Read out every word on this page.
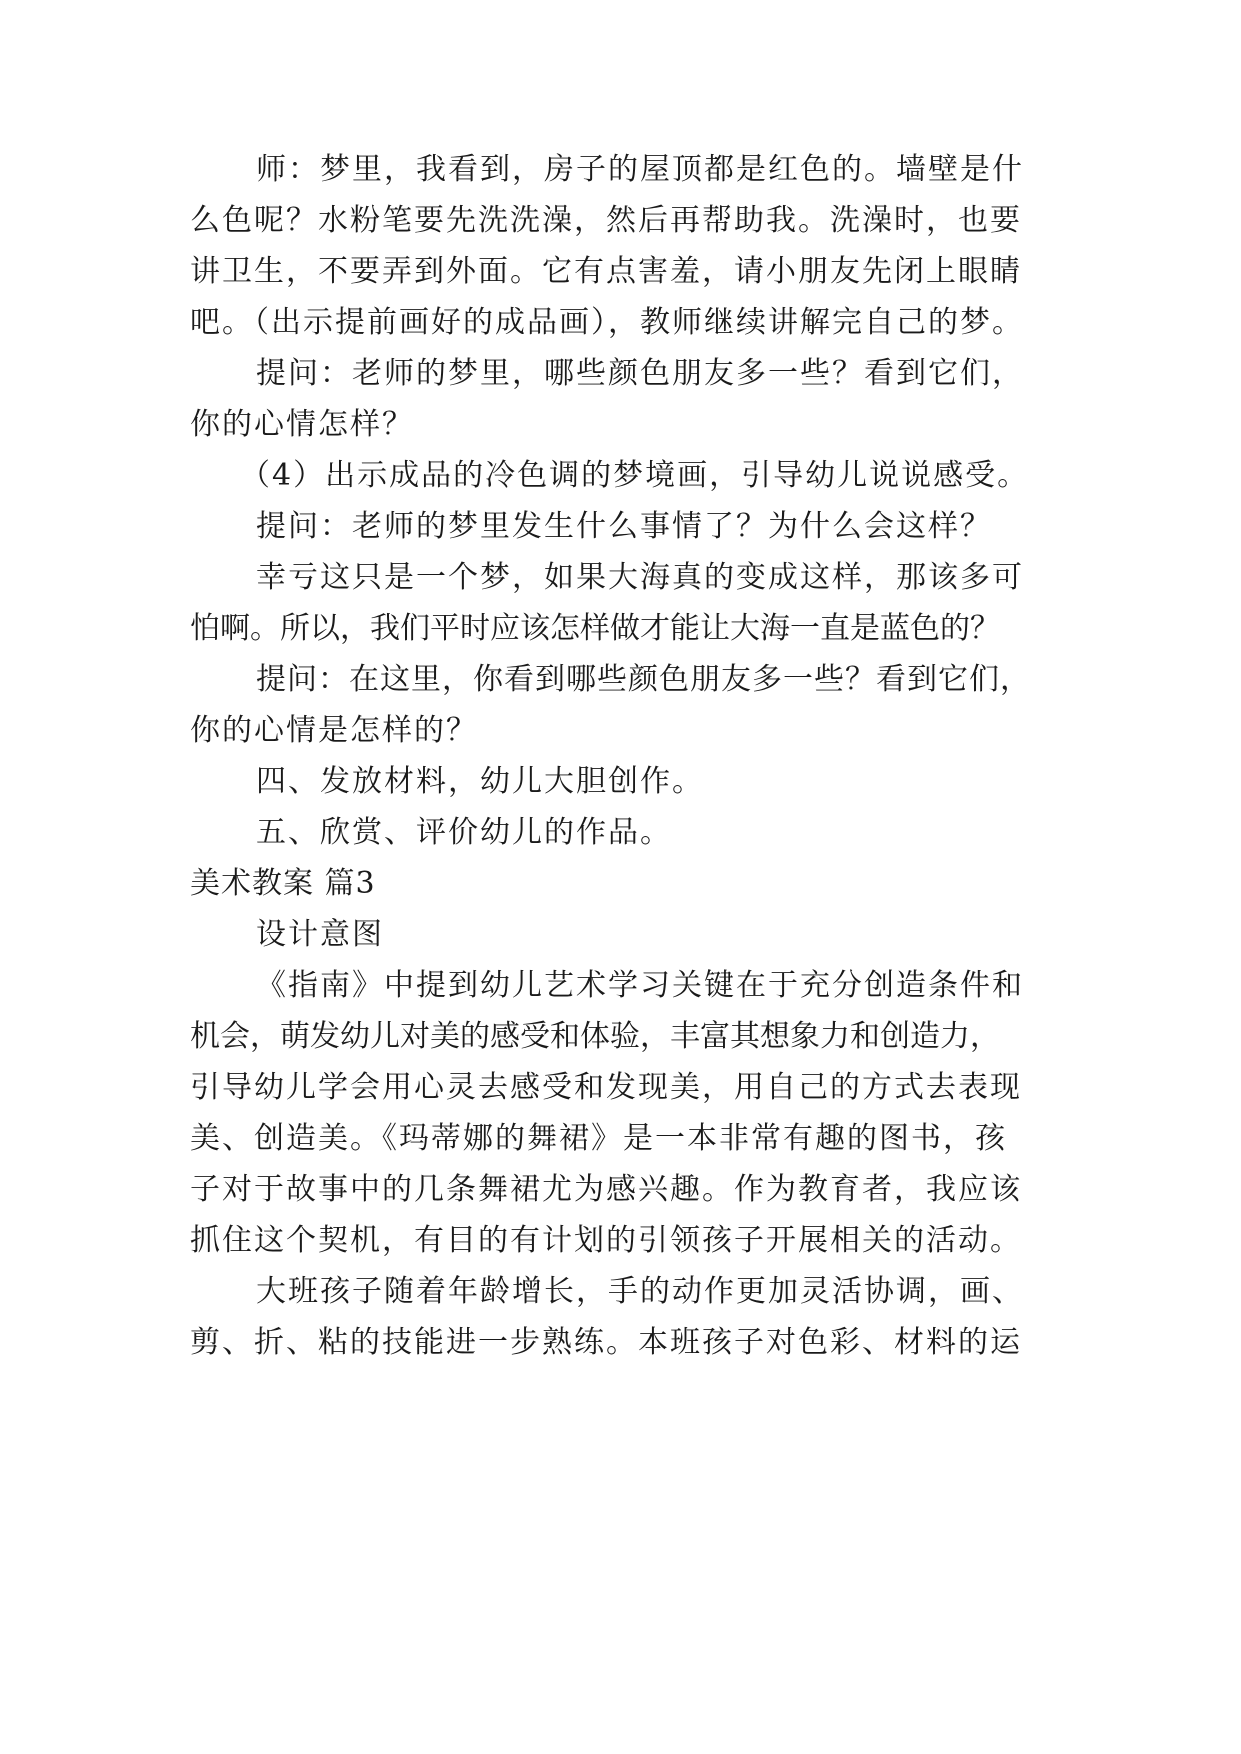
师：梦里，我看到，房子的屋顶都是红色的。墙壁是什
么色呢？水粉笔要先洗洗澡，然后再帮助我。洗澡时，也要
讲卫生，不要弄到外面。它有点害羞，请小朋友先闭上眼睛
吧。（出示提前画好的成品画），教师继续讲解完自己的梦。
提问：老师的梦里，哪些颜色朋友多一些？看到它们，
你的心情怎样？
（4）出示成品的冷色调的梦境画，引导幼儿说说感受。
提问：老师的梦里发生什么事情了？为什么会这样？
幸亏这只是一个梦，如果大海真的变成这样，那该多可
怕啊。所以，我们平时应该怎样做才能让大海一直是蓝色的？
提问：在这里，你看到哪些颜色朋友多一些？看到它们，
你的心情是怎样的？
四、发放材料，幼儿大胆创作。
五、欣赏、评价幼儿的作品。
美术教案 篇3
设计意图
《指南》中提到幼儿艺术学习关键在于充分创造条件和
机会，萌发幼儿对美的感受和体验，丰富其想象力和创造力，
引导幼儿学会用心灵去感受和发现美，用自己的方式去表现
美、创造美。《玛蒂娜的舞裙》是一本非常有趣的图书，孩
子对于故事中的几条舞裙尤为感兴趣。作为教育者，我应该
抓住这个契机，有目的有计划的引领孩子开展相关的活动。
大班孩子随着年龄增长，手的动作更加灵活协调，画、
剪、折、粘的技能进一步熟练。本班孩子对色彩、材料的运
